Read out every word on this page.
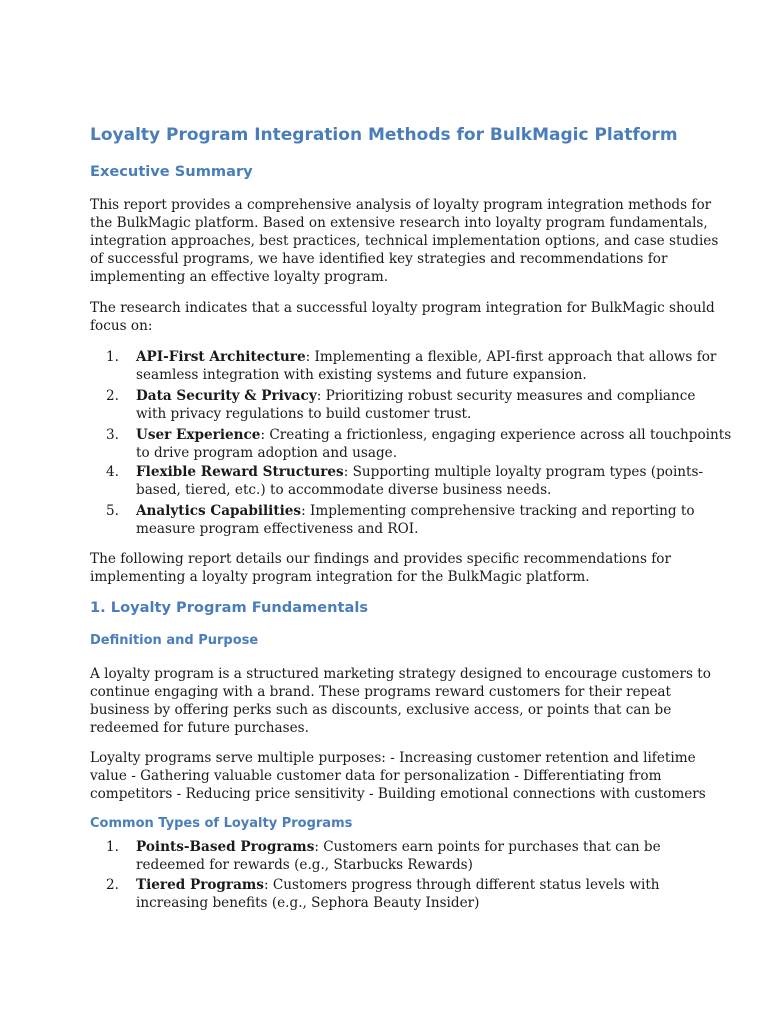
Loyalty Program Integration Methods for BulkMagic Platform
Executive Summary
This report provides a comprehensive analysis of loyalty program integration methods for
the BulkMagic platform. Based on extensive research into loyalty program fundamentals,
integration approaches, best practices, technical implementation options, and case studies
of successful programs, we have identified key strategies and recommendations for
implementing an effective loyalty program.
The research indicates that a successful loyalty program integration for BulkMagic should
focus on:
1. API-First Architecture: Implementing a flexible, API-first approach that allows for
seamless integration with existing systems and future expansion.
2. Data Security & Privacy: Prioritizing robust security measures and compliance
with privacy regulations to build customer trust.
3. User Experience: Creating a frictionless, engaging experience across all touchpoints
to drive program adoption and usage.
4. Flexible Reward Structures: Supporting multiple loyalty program types (points-
based, tiered, etc.) to accommodate diverse business needs.
5. Analytics Capabilities: Implementing comprehensive tracking and reporting to
measure program effectiveness and ROI.
The following report details our findings and provides specific recommendations for
implementing a loyalty program integration for the BulkMagic platform.
1. Loyalty Program Fundamentals
Definition and Purpose
A loyalty program is a structured marketing strategy designed to encourage customers to
continue engaging with a brand. These programs reward customers for their repeat
business by offering perks such as discounts, exclusive access, or points that can be
redeemed for future purchases.
Loyalty programs serve multiple purposes: - Increasing customer retention and lifetime
value - Gathering valuable customer data for personalization - Differentiating from
competitors - Reducing price sensitivity - Building emotional connections with customers
Common Types of Loyalty Programs
1. Points-Based Programs: Customers earn points for purchases that can be
redeemed for rewards (e.g., Starbucks Rewards)
2. Tiered Programs: Customers progress through different status levels with
increasing benefits (e.g., Sephora Beauty Insider)
